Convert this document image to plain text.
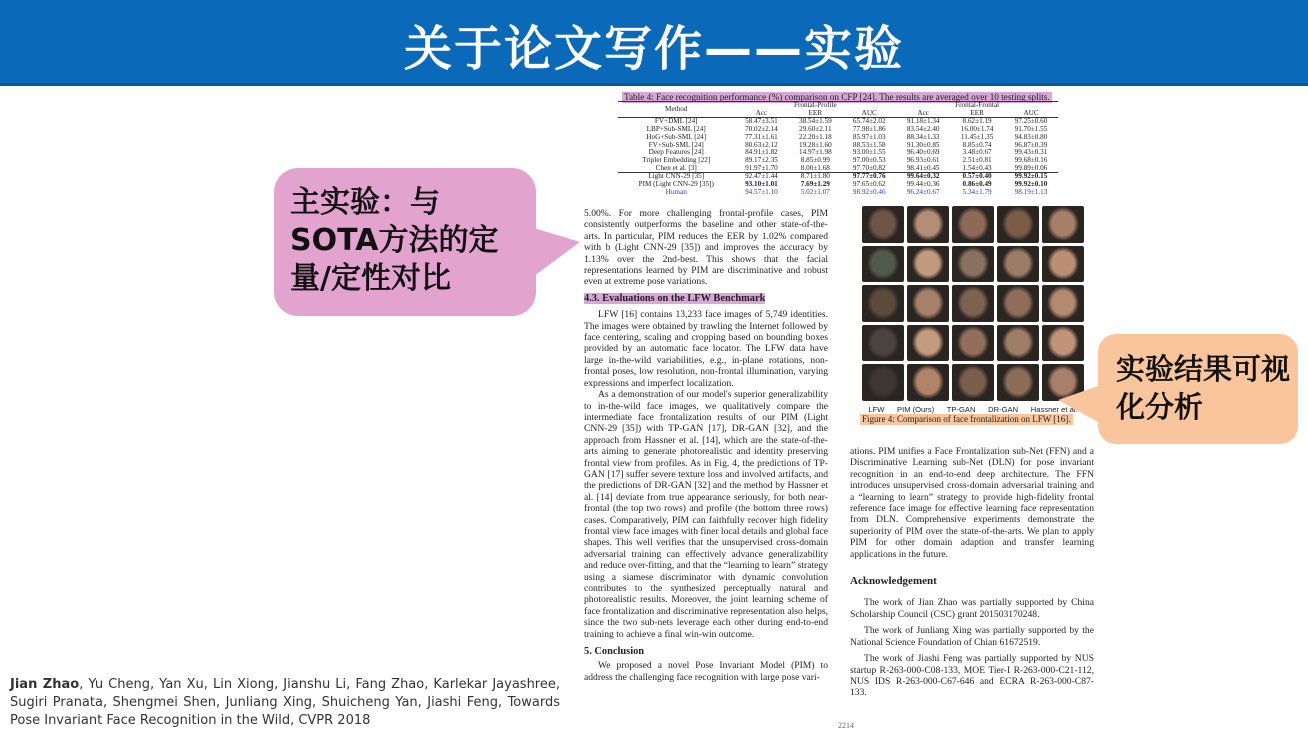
关于论文写作——实验
Table 4: Face recognition performance (%) comparison on CFP [24]. The results are averaged over 10 testing splits.
Method	Frontal-Profile			Frontal-Frontal		
	Acc	EER	AUC	Acc	EER	AUC
FV+DML [24]	58.47±3.51	38.54±1.59	65.74±2.02	91.18±1.34	8.62±1.19	97.25±0.60
LBP+Sub-SML [24]	70.02±2.14	29.60±2.11	77.98±1.86	83.54±2.40	16.00±1.74	91.70±1.55
HoG+Sub-SML [24]	77.31±1.61	22.20±1.18	85.97±1.03	88.34±1.33	11.45±1.35	94.83±0.80
FV+Sub-SML [24]	80.63±2.12	19.28±1.60	88.53±1.58	91.30±0.85	8.85±0.74	96.87±0.39
Deep Features [24]	84.91±1.82	14.97±1.98	93.00±1.55	96.40±0.69	3.48±0.67	99.43±0.31
Triplet Embedding [22]	89.17±2.35	8.85±0.99	97.00±0.53	96.93±0.61	2.51±0.81	99.68±0.16
Chen et al. [3]	91.97±1.70	8.00±1.68	97.70±0.82	98.41±0.45	1.54±0.43	99.89±0.06
Light CNN-29 [35]	92.47±1.44	8.71±1.80	97.77±0.76	99.64±0.32	0.57±0.40	99.92±0.15
PIM (Light CNN-29 [35])	93.10±1.01	7.69±1.29	97.65±0.62	99.44±0.36	0.86±0.49	99.92±0.10
Human	94.57±1.10	5.02±1.07	98.92±0.46	96.24±0.67	5.34±1.79	98.19±1.13
5.00%. For more challenging frontal-profile cases, PIM consistently outperforms the baseline and other state-of-the-arts. In particular, PIM reduces the EER by 1.02% compared with b (Light CNN-29 [35]) and improves the accuracy by 1.13% over the 2nd-best. This shows that the facial representations learned by PIM are discriminative and robust even at extreme pose variations.
4.3. Evaluations on the LFW Benchmark
LFW [16] contains 13,233 face images of 5,749 identities. The images were obtained by trawling the Internet followed by face centering, scaling and cropping based on bounding boxes provided by an automatic face locator. The LFW data have large in-the-wild variabilities, e.g., in-plane rotations, non-frontal poses, low resolution, non-frontal illumination, varying expressions and imperfect localization.
As a demonstration of our model's superior generalizability to in-the-wild face images, we qualitatively compare the intermediate face frontalization results of our PIM (Light CNN-29 [35]) with TP-GAN [17], DR-GAN [32], and the approach from Hassner et al. [14], which are the state-of-the-arts aiming to generate photorealistic and identity preserving frontal view from profiles. As in Fig. 4, the predictions of TP-GAN [17] suffer severe texture loss and involved artifacts, and the predictions of DR-GAN [32] and the method by Hassner et al. [14] deviate from true appearance seriously, for both near-frontal (the top two rows) and profile (the bottom three rows) cases. Comparatively, PIM can faithfully recover high fidelity frontal view face images with finer local details and global face shapes. This well verifies that the unsupervised cross-domain adversarial training can effectively advance generalizability and reduce over-fitting, and that the “learning to learn” strategy using a siamese discriminator with dynamic convolution contributes to the synthesized perceptually natural and photorealistic results. Moreover, the joint learning scheme of face frontalization and discriminative representation also helps, since the two sub-nets leverage each other during end-to-end training to achieve a final win-win outcome.
5. Conclusion
We proposed a novel Pose Invariant Model (PIM) to address the challenging face recognition with large pose vari-
LFW PIM (Ours) TP-GAN DR-GAN Hassner et al.
Figure 4: Comparison of face frontalization on LFW [16].
ations. PIM unifies a Face Frontalization sub-Net (FFN) and a Discriminative Learning sub-Net (DLN) for pose invariant recognition in an end-to-end deep architecture. The FFN introduces unsupervised cross-domain adversarial training and a “learning to learn” strategy to provide high-fidelity frontal reference face image for effective learning face representation from DLN. Comprehensive experiments demonstrate the superiority of PIM over the state-of-the-arts. We plan to apply PIM for other domain adaption and transfer learning applications in the future.
Acknowledgement
The work of Jian Zhao was partially supported by China Scholarship Council (CSC) grant 201503170248.
The work of Junliang Xing was partially supported by the National Science Foundation of Chian 61672519.
The work of Jiashi Feng was partially supported by NUS startup R-263-000-C08-133, MOE Tier-I R-263-000-C21-112, NUS IDS R-263-000-C67-646 and ECRA R-263-000-C87-133.
2214
主实验：与SOTA方法的定量/定性对比
实验结果可视化分析
Jian Zhao, Yu Cheng, Yan Xu, Lin Xiong, Jianshu Li, Fang Zhao, Karlekar Jayashree, Sugiri Pranata, Shengmei Shen, Junliang Xing, Shuicheng Yan, Jiashi Feng, Towards Pose Invariant Face Recognition in the Wild, CVPR 2018
